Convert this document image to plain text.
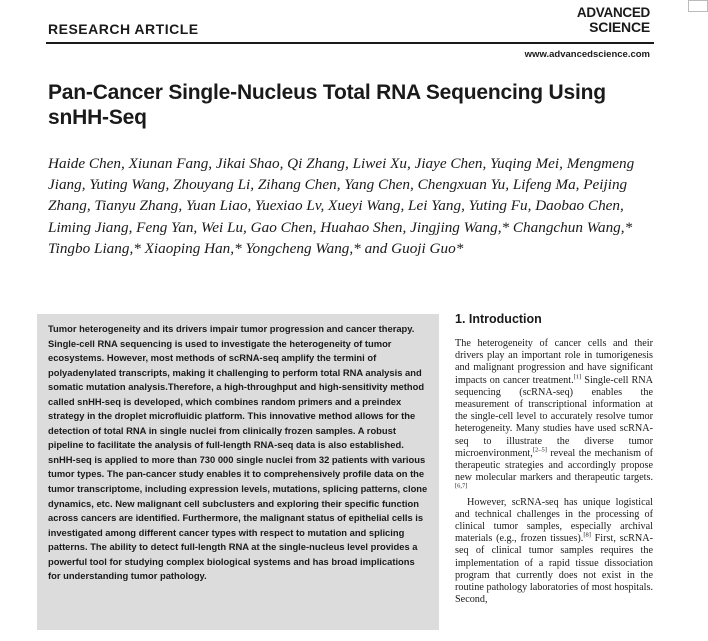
RESEARCH ARTICLE
ADVANCED
SCIENCE
www.advancedscience.com
Pan-Cancer Single-Nucleus Total RNA Sequencing Using snHH-Seq

Haide Chen, Xiunan Fang, Jikai Shao, Qi Zhang, Liwei Xu, Jiaye Chen, Yuqing Mei, Mengmeng Jiang, Yuting Wang, Zhouyang Li, Zihang Chen, Yang Chen, Chengxuan Yu, Lifeng Ma, Peijing Zhang, Tianyu Zhang, Yuan Liao, Yuexiao Lv, Xueyi Wang, Lei Yang, Yuting Fu, Daobao Chen, Liming Jiang, Feng Yan, Wei Lu, Gao Chen, Huahao Shen, Jingjing Wang,* Changchun Wang,* Tingbo Liang,* Xiaoping Han,* Yongcheng Wang,* and Guoji Guo*

Tumor heterogeneity and its drivers impair tumor progression and cancer therapy. Single-cell RNA sequencing is used to investigate the heterogeneity of tumor ecosystems. However, most methods of scRNA-seq amplify the termini of polyadenylated transcripts, making it challenging to perform total RNA analysis and somatic mutation analysis.Therefore, a high-throughput and high-sensitivity method called snHH-seq is developed, which combines random primers and a preindex strategy in the droplet microfluidic platform. This innovative method allows for the detection of total RNA in single nuclei from clinically frozen samples. A robust pipeline to facilitate the analysis of full-length RNA-seq data is also established. snHH-seq is applied to more than 730 000 single nuclei from 32 patients with various tumor types. The pan-cancer study enables it to comprehensively profile data on the tumor transcriptome, including expression levels, mutations, splicing patterns, clone dynamics, etc. New malignant cell subclusters and exploring their specific function across cancers are identified. Furthermore, the malignant status of epithelial cells is investigated among different cancer types with respect to mutation and splicing patterns. The ability to detect full-length RNA at the single-nucleus level provides a powerful tool for studying complex biological systems and has broad implications for understanding tumor pathology.

1. Introduction

The heterogeneity of cancer cells and their drivers play an important role in tumorigenesis and malignant progression and have significant impacts on cancer treatment.[1] Single-cell RNA sequencing (scRNA-seq) enables the measurement of transcriptional information at the single-cell level to accurately resolve tumor heterogeneity. Many studies have used scRNA-seq to illustrate the diverse tumor microenvironment,[2–5] reveal the mechanism of therapeutic strategies and accordingly propose new molecular markers and therapeutic targets.[6,7]

However, scRNA-seq has unique logistical and technical challenges in the processing of clinical tumor samples, especially archival materials (e.g., frozen tissues).[8] First, scRNA-seq of clinical tumor samples requires the implementation of a rapid tissue dissociation program that currently does not exist in the routine pathology laboratories of most hospitals. Second,
